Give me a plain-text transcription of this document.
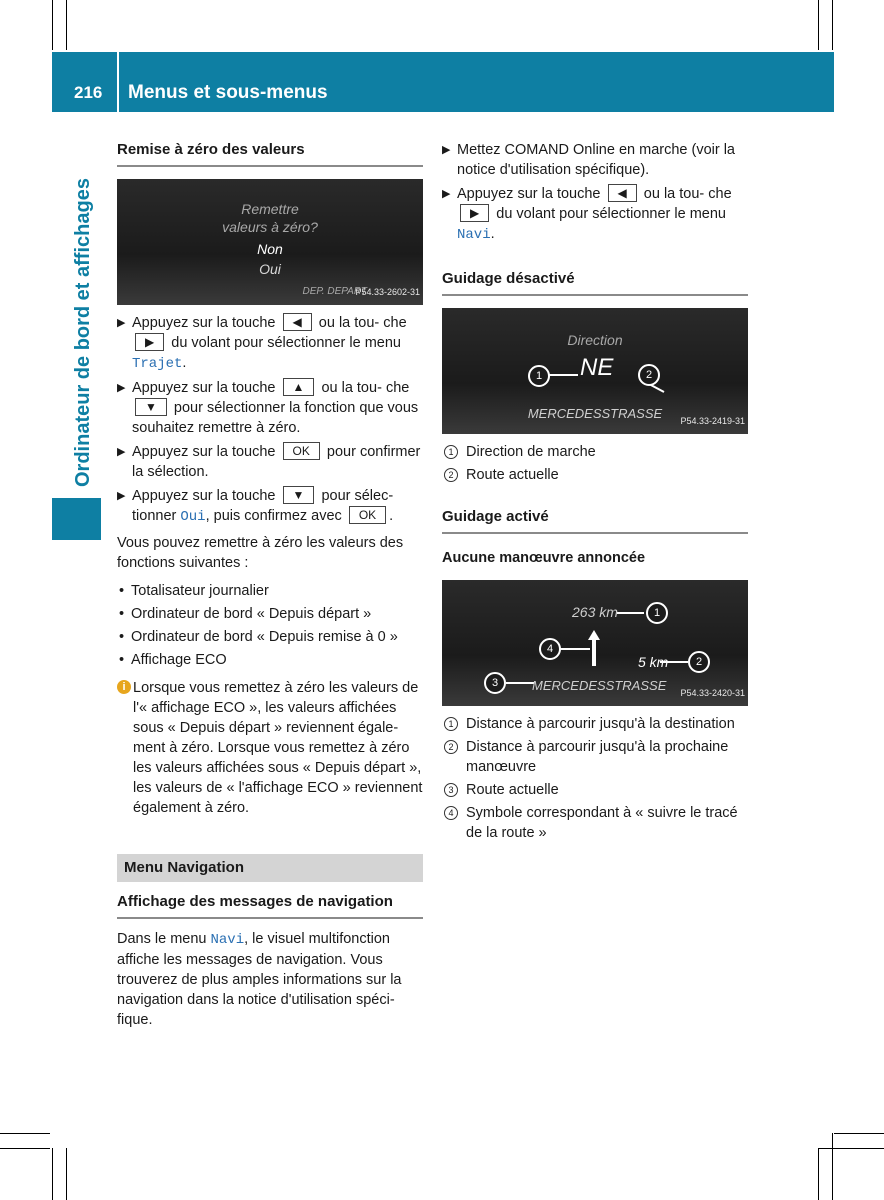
216	Menus et sous-menus
Ordinateur de bord et affichages
Remise à zéro des valeurs
Remettre
valeurs à zéro?
Non
Oui
DEP. DEPART
P54.33-2602-31
▶ Appuyez sur la touche ◀ ou la tou- che ▶ du volant pour sélectionner le menu Trajet.
▶ Appuyez sur la touche ▲ ou la tou- che ▼ pour sélectionner la fonction que vous souhaitez remettre à zéro.
▶ Appuyez sur la touche OK pour confirmer la sélection.
▶ Appuyez sur la touche ▼ pour sélec- tionner Oui, puis confirmez avec OK .
Vous pouvez remettre à zéro les valeurs des fonctions suivantes :
• Totalisateur journalier
• Ordinateur de bord « Depuis départ »
• Ordinateur de bord « Depuis remise à 0 »
• Affichage ECO
i Lorsque vous remettez à zéro les valeurs de l'« affichage ECO », les valeurs affichées sous « Depuis départ » reviennent également à zéro. Lorsque vous remettez à zéro les valeurs affichées sous « Depuis départ », les valeurs de « l'affichage ECO » reviennent également à zéro.
Menu Navigation
Affichage des messages de navigation
Dans le menu Navi, le visuel multifonction affiche les messages de navigation. Vous trouverez de plus amples informations sur la navigation dans la notice d'utilisation spécifique.
▶ Mettez COMAND Online en marche (voir la notice d'utilisation spécifique).
▶ Appuyez sur la touche ◀ ou la tou- che ▶ du volant pour sélectionner le menu Navi.
Guidage désactivé
Direction
NE
1	2
MERCEDESSTRASSE	P54.33-2419-31
1 Direction de marche
2 Route actuelle
Guidage activé
Aucune manœuvre annoncée
263 km
5 km
1
2
4
3	MERCEDESSTRASSE P54.33-2420-31
1 Distance à parcourir jusqu'à la destination
2 Distance à parcourir jusqu'à la prochaine manœuvre
3 Route actuelle
4 Symbole correspondant à « suivre le tracé de la route »
